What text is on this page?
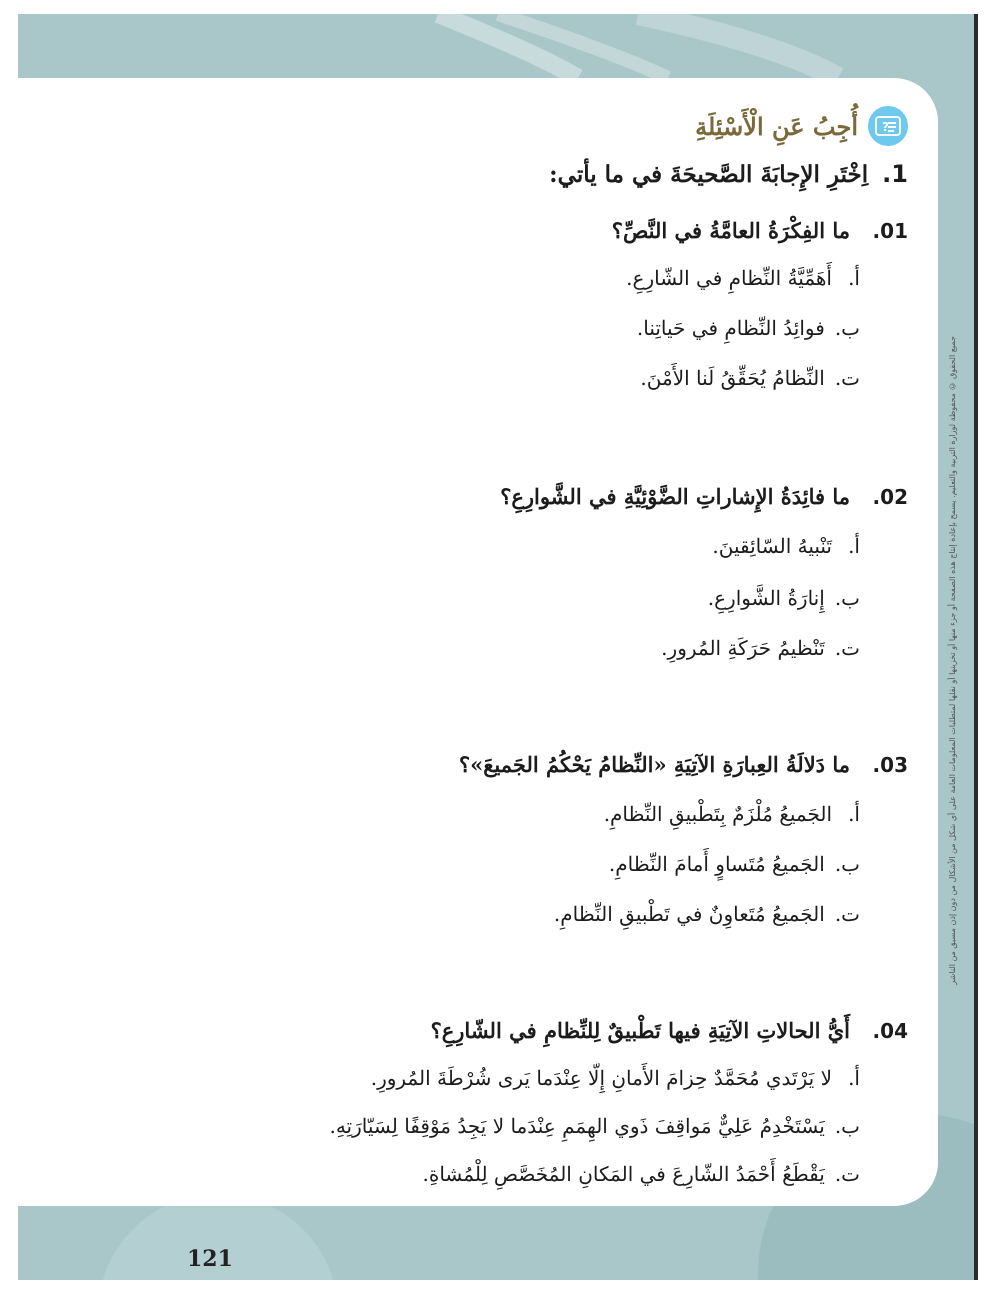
جميع الحقوق © محفوظة لوزارة التربية والتعليم. يسمح بإعادة إنتاج هذه الصفحة أو جزء منها أو تخزينها أو نقلها لمتطلبات المعلومات العامة على أي شكل من الأشكال من دون إذن مسبق من الناشر
أُجِبُ عَنِ الْأَسْئِلَةِ ?
1.
اِخْتَرِ الإِجابَةَ الصَّحيحَةَ في ما يأتي:
01.
ما الفِكْرَةُ العامَّةُ في النَّصِّ؟
أ.
أَهَمِّيَّةُ النِّظامِ في الشّارِعِ.
ب.
فوائِدُ النِّظامِ في حَياتِنا.
ت.
النِّظامُ يُحَقِّقُ لَنا الأَمْنَ.
02.
ما فائِدَةُ الإِشاراتِ الضَّوْئِيَّةِ في الشَّوارِعِ؟
أ.
تَنْبيهُ السّائِقينَ.
ب.
إِنارَةُ الشَّوارِعِ.
ت.
تَنْظيمُ حَرَكَةِ المُرورِ.
03.
ما دَلالَةُ العِبارَةِ الآتِيَةِ «النِّظامُ يَحْكُمُ الجَميعَ»؟
أ.
الجَميعُ مُلْزَمٌ بِتَطْبيقِ النِّظامِ.
ب.
الجَميعُ مُتَساوٍ أَمامَ النِّظامِ.
ت.
الجَميعُ مُتَعاوِنٌ في تَطْبيقِ النِّظامِ.
04.
أَيُّ الحالاتِ الآتِيَةِ فيها تَطْبيقٌ لِلنِّظامِ في الشّارِعِ؟
أ.
لا يَرْتَدي مُحَمَّدٌ حِزامَ الأَمانِ إِلّا عِنْدَما يَرى شُرْطَةَ المُرورِ.
ب.
يَسْتَخْدِمُ عَلِيٌّ مَواقِفَ ذَوي الهِمَمِ عِنْدَما لا يَجِدُ مَوْقِفًا لِسَيّارَتِهِ.
ت.
يَقْطَعُ أَحْمَدُ الشّارِعَ في المَكانِ المُخَصَّصِ لِلْمُشاةِ.
121
